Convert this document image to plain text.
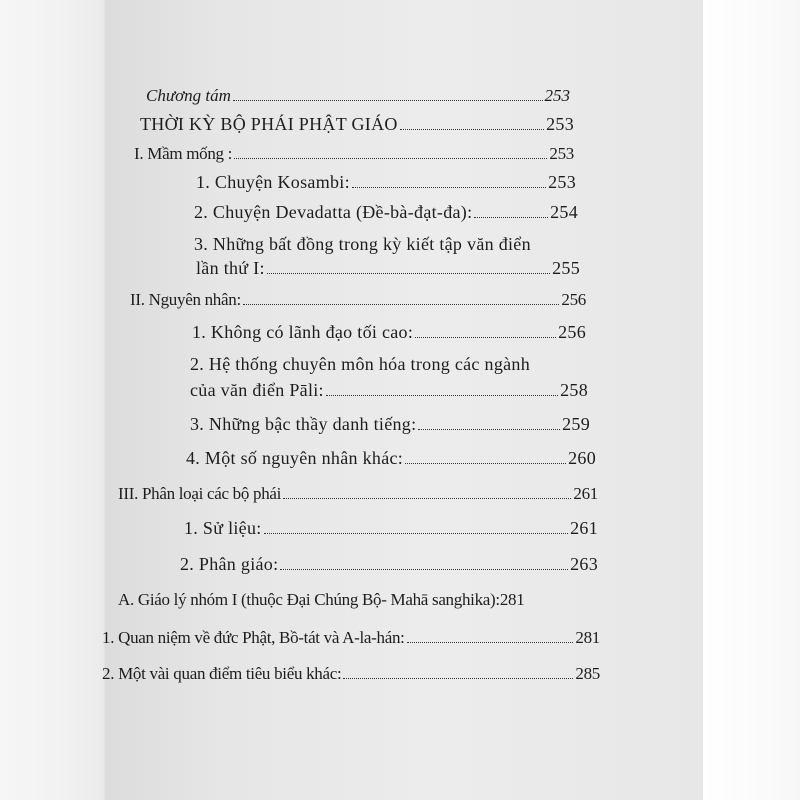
Chương tám	253
THỜI KỲ BỘ PHÁI PHẬT GIÁO	253
I. Mầm mống :	253
1. Chuyện Kosambi:	253
2. Chuyện Devadatta (Đề-bà-đạt-đa):	254
3. Những bất đồng trong kỳ kiết tập văn điển
lần thứ I:	255
II. Nguyên nhân:	256
1. Không có lãnh đạo tối cao:	256
2. Hệ thống chuyên môn hóa trong các ngành
của văn điển Pāli:	258
3. Những bậc thầy danh tiếng:	259
4. Một số nguyên nhân khác:	260
III. Phân loại các bộ phái	261
1. Sử liệu:	261
2. Phân giáo:	263
A. Giáo lý nhóm I (thuộc Đại Chúng Bộ- Mahā sanghika): 281
1. Quan niệm về đức Phật, Bồ-tát và A-la-hán:	281
2. Một vài quan điểm tiêu biểu khác:	285
